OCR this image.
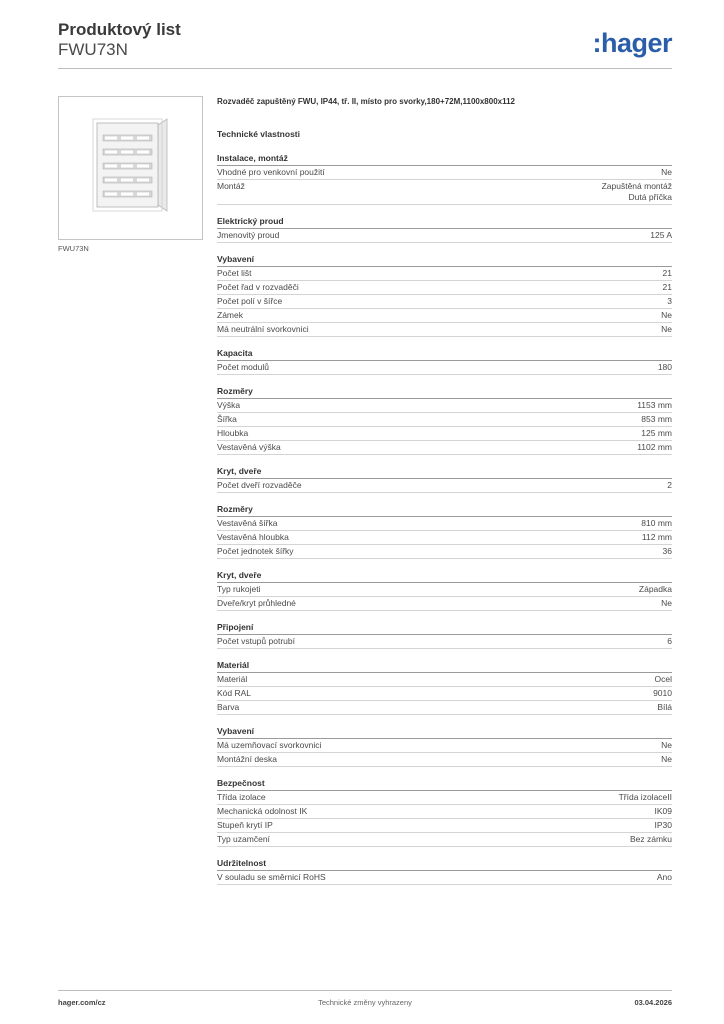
Produktový list
FWU73N	:hager
FWU73N
Rozvaděč zapuštěný FWU, IP44, tř. II, místo pro svorky,180+72M,1100x800x112
Technické vlastnosti
Instalace, montáž
Vhodné pro venkovní použití	Ne
Montáž	Zapuštěná montáž
Dutá příčka
Elektrický proud
Jmenovitý proud	125 A
Vybavení
Počet lišt	21
Počet řad v rozvaděči	21
Počet polí v šířce	3
Zámek	Ne
Má neutrální svorkovnici	Ne
Kapacita
Počet modulů	180
Rozměry
Výška	1153 mm
Šířka	853 mm
Hloubka	125 mm
Vestavěná výška	1102 mm
Kryt, dveře
Počet dveří rozvaděče	2
Rozměry
Vestavěná šířka	810 mm
Vestavěná hloubka	112 mm
Počet jednotek šířky	36
Kryt, dveře
Typ rukojeti	Západka
Dveře/kryt průhledné	Ne
Připojení
Počet vstupů potrubí	6
Materiál
Materiál	Ocel
Kód RAL	9010
Barva	Bílá
Vybavení
Má uzemňovací svorkovnici	Ne
Montážní deska	Ne
Bezpečnost
Třída izolace	Třída izolaceII
Mechanická odolnost IK	IK09
Stupeň krytí IP	IP30
Typ uzamčení	Bez zámku
Udržitelnost
V souladu se směrnicí RoHS	Ano
hager.com/cz	Technické změny vyhrazeny	03.04.2026
